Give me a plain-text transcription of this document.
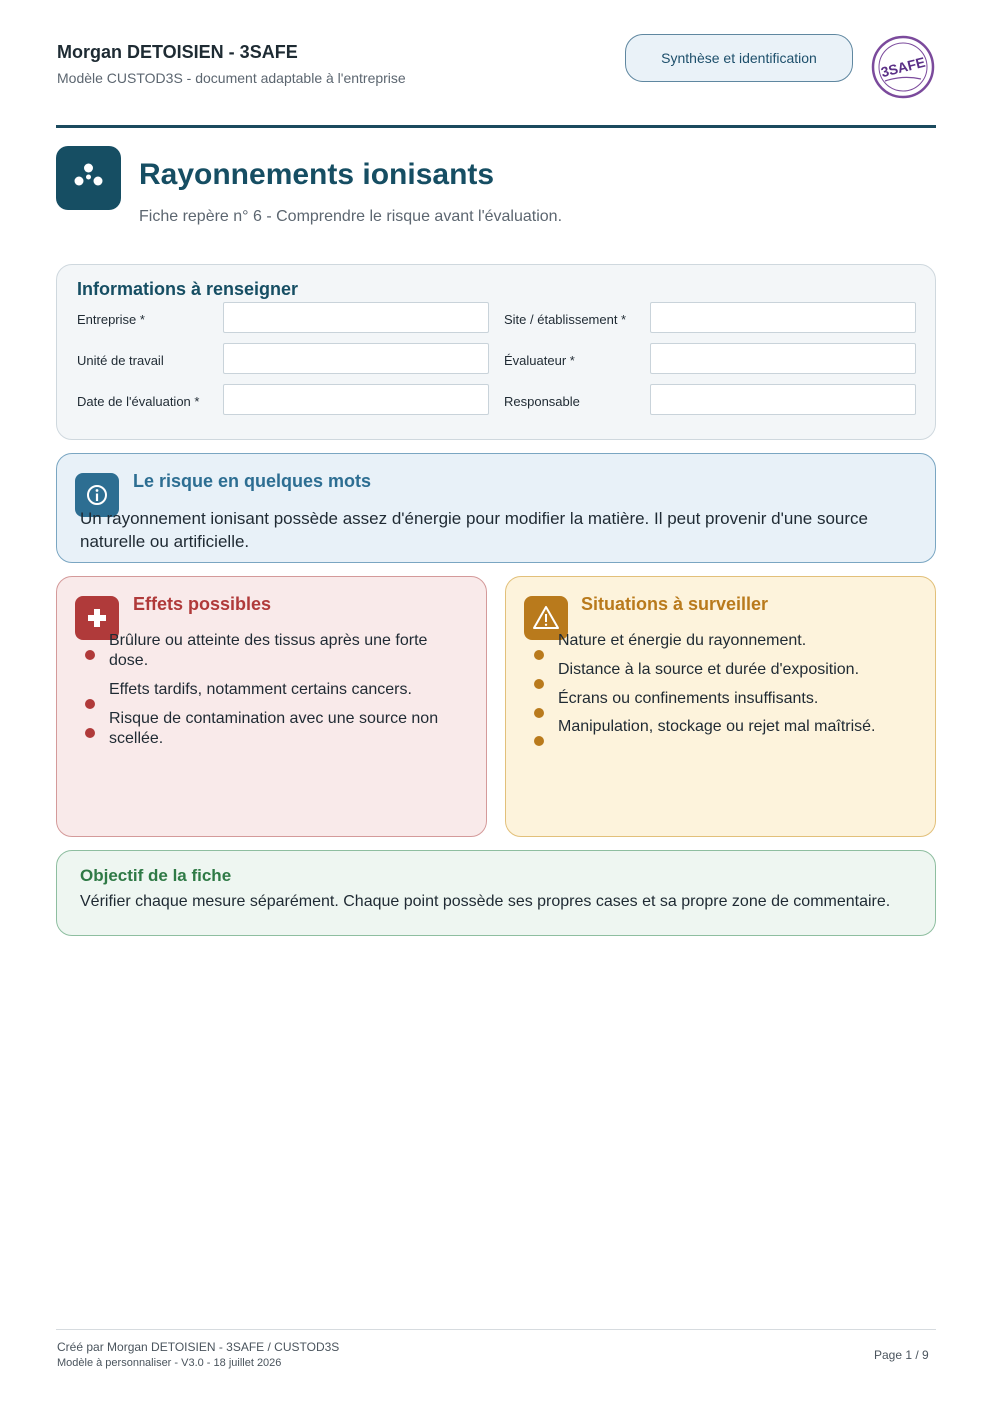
Morgan DETOISIEN - 3SAFE
Modèle CUSTOD3S - document adaptable à l'entreprise
Synthèse et identification	3SAFE
Rayonnements ionisants
Fiche repère n° 6 - Comprendre le risque avant l'évaluation.
Informations à renseigner
Entreprise *	Site / établissement *
Unité de travail	Évaluateur *
Date de l'évaluation *	Responsable
Le risque en quelques mots
Un rayonnement ionisant possède assez d'énergie pour modifier la matière. Il peut provenir d'une source naturelle ou artificielle.
Effets possibles
Brûlure ou atteinte des tissus après une forte dose.
Effets tardifs, notamment certains cancers.
Risque de contamination avec une source non scellée.
Situations à surveiller
Nature et énergie du rayonnement.
Distance à la source et durée d'exposition.
Écrans ou confinements insuffisants.
Manipulation, stockage ou rejet mal maîtrisé.
Objectif de la fiche
Vérifier chaque mesure séparément. Chaque point possède ses propres cases et sa propre zone de commentaire.
Créé par Morgan DETOISIEN - 3SAFE / CUSTOD3S
Modèle à personnaliser - V3.0 - 18 juillet 2026
Page 1 / 9
